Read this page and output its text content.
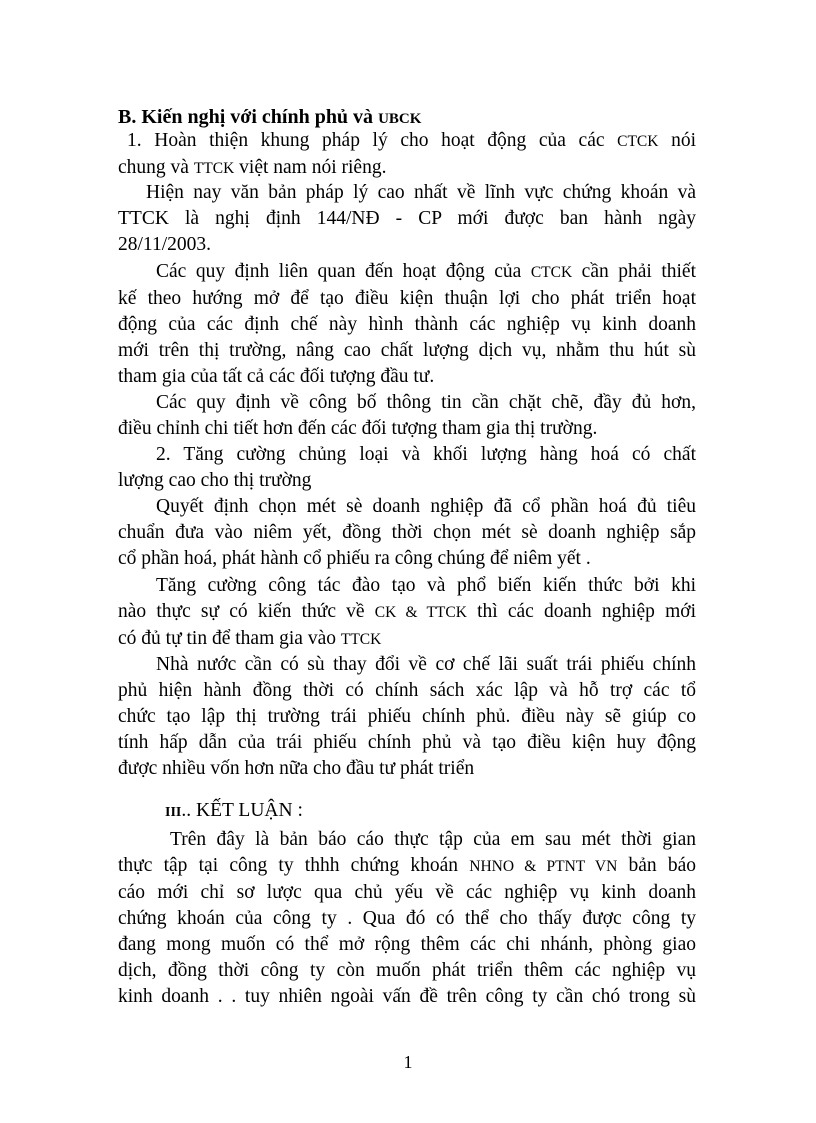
B. Kiến nghị với chính phủ và UBCK
1. Hoàn thiện khung pháp lý cho hoạt động của các CTCK nói
chung và TTCK việt nam nói riêng.
Hiện nay văn bản pháp lý cao nhất về lĩnh vực chứng khoán và
TTCK là nghị định 144/NĐ - CP mới được ban hành ngày
28/11/2003.
Các quy định liên quan đến hoạt động của CTCK cần phải thiết
kế theo hướng mở để tạo điều kiện thuận lợi cho phát triển hoạt
động của các định chế này hình thành các nghiệp vụ kinh doanh
mới trên thị trường, nâng cao chất lượng dịch vụ, nhằm thu hút sù
tham gia của tất cả các đối tượng đầu tư.
Các quy định về công bố thông tin cần chặt chẽ, đầy đủ hơn,
điều chỉnh chi tiết hơn đến các đối tượng tham gia thị trường.
2. Tăng cường chủng loại và khối lượng hàng hoá có chất
lượng cao cho thị trường
Quyết định chọn mét sè doanh nghiệp đã cổ phần hoá đủ tiêu
chuẩn đưa vào niêm yết, đồng thời chọn mét sè doanh nghiệp sắp
cổ phần hoá, phát hành cổ phiếu ra công chúng để niêm yết .
Tăng cường công tác đào tạo và phổ biến kiến thức bởi khi
nào thực sự có kiến thức về CK & TTCK thì các doanh nghiệp mới
có đủ tự tin để tham gia vào TTCK
Nhà nước cần có sù thay đổi về cơ chế lãi suất trái phiếu chính
phủ hiện hành đồng thời có chính sách xác lập và hỗ trợ các tổ
chức tạo lập thị trường trái phiếu chính phủ. điều này sẽ giúp co
tính hấp dẫn của trái phiếu chính phủ và tạo điều kiện huy động
được nhiều vốn hơn nữa cho đầu tư phát triển
III.. KẾT LUẬN :
Trên đây là bản báo cáo thực tập của em sau mét thời gian
thực tập tại công ty thhh chứng khoán NHNO & PTNT VN bản báo
cáo mới chỉ sơ lược qua chủ yếu về các nghiệp vụ kinh doanh
chứng khoán của công ty . Qua đó có thể cho thấy được công ty
đang mong muốn có thể mở rộng thêm các chi nhánh, phòng giao
dịch, đồng thời công ty còn muốn phát triển thêm các nghiệp vụ
kinh doanh . . tuy nhiên ngoài vấn đề trên công ty cần chó trong sù
1
